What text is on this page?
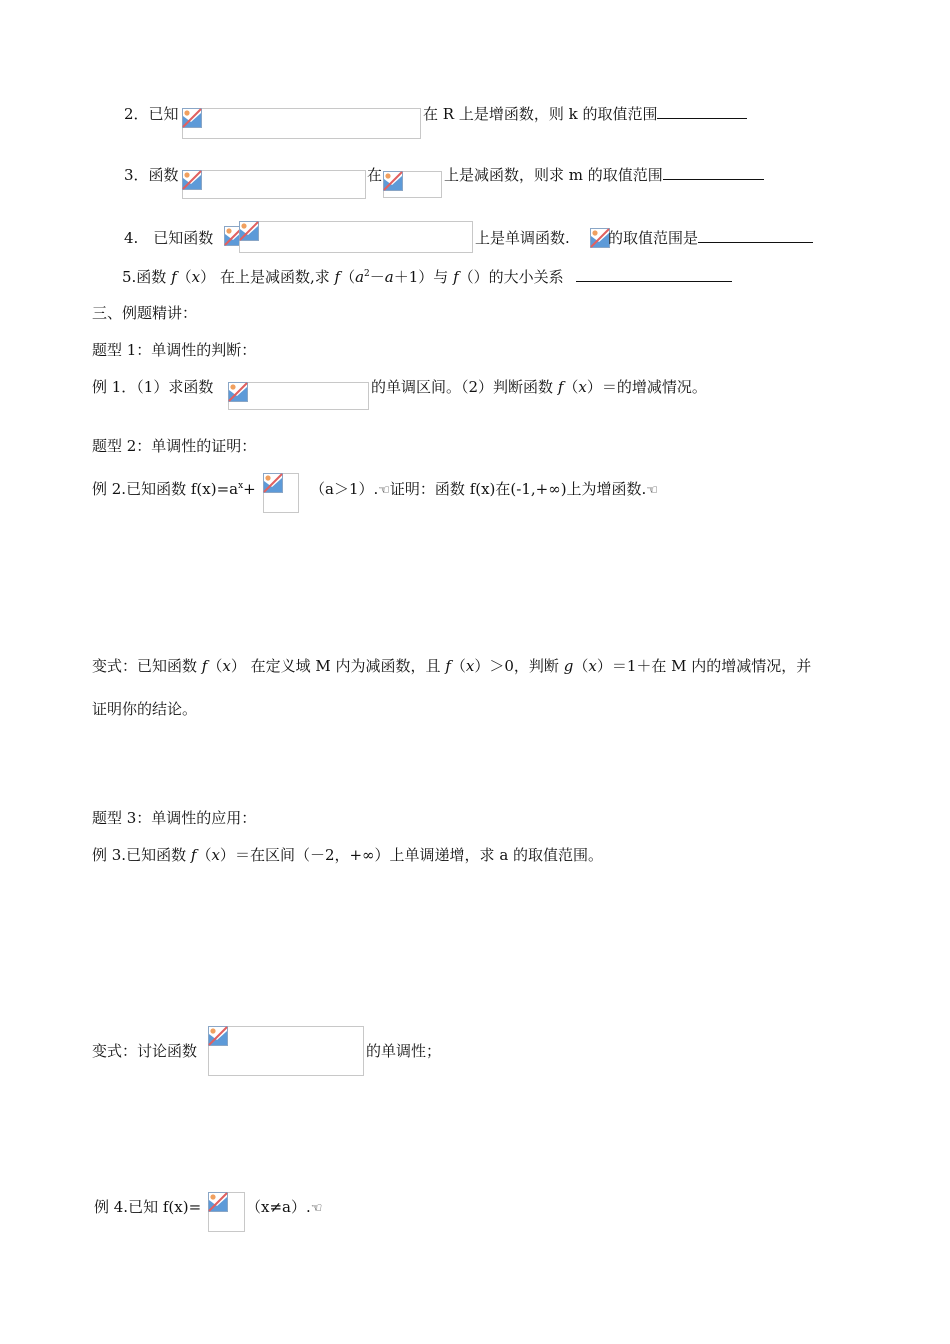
2．已知	在 R 上是增函数，则 k 的取值范围
3．函数	在	上是减函数，则求 m 的取值范围
4.　已知函数	上是单调函数.	的取值范围是
5.函数 f（x） 在上是减函数,求 $f(a^2-a+1)$与 f（）的大小关系
三、例题精讲：
题型 1：单调性的判断：
例 1．（1）求函数	的单调区间。（2）判断函数 f（x）＝的增减情况。
题型 2：单调性的证明：
例 2.已知函数 $f(x)=a^x+$	（a＞1）.☜证明：函数 f(x)在(-1,+∞)上为增函数.☜
变式：已知函数 f（x） 在定义域 M 内为减函数，且 f（x）＞0，判断 g（x）＝1＋在 M 内的增减情况，并
证明你的结论。
题型 3：单调性的应用：
例 3.已知函数 f（x）＝在区间（－2，+∞）上单调递增，求 a 的取值范围。
变式：讨论函数	的单调性；
例 4.已知 f(x)=	（x≠a）.☜
